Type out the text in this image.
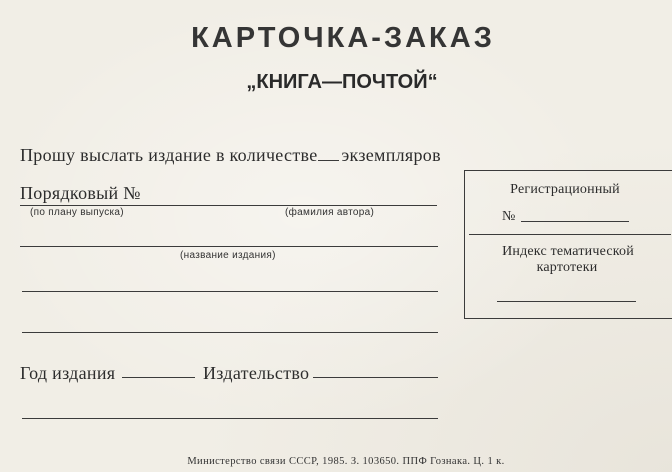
КАРТОЧКА-ЗАКАЗ
„КНИГА—ПОЧТОЙ“
Прошу выслать издание в количестве экземпляров
Порядковый №
(по плану выпуска)	(фамилия автора)
(название издания)
Год издания	Издательство
Регистрационный
№
Индекс тематической
картотеки
Министерство связи СССР, 1985. З. 103650. ППФ Гознака. Ц. 1 к.
